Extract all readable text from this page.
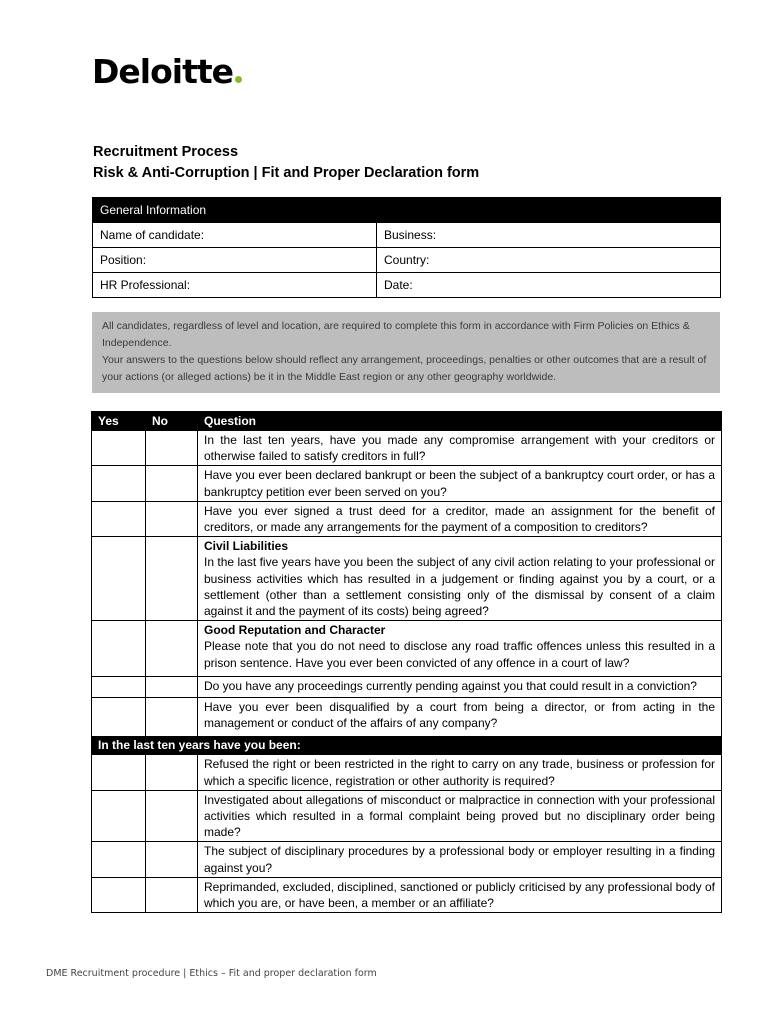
Deloitte
Recruitment Process
Risk & Anti-Corruption | Fit and Proper Declaration form
General Information	
Name of candidate:	Business:
Position:	Country:
HR Professional:	Date:

All candidates, regardless of level and location, are required to complete this form in accordance with Firm Policies on Ethics & Independence.

Your answers to the questions below should reflect any arrangement, proceedings, penalties or other outcomes that are a result of your actions (or alleged actions) be it in the Middle East region or any other geography worldwide.

Yes	No	Question
		In the last ten years, have you made any compromise arrangement with your creditors or otherwise failed to satisfy creditors in full?
		Have you ever been declared bankrupt or been the subject of a bankruptcy court order, or has a bankruptcy petition ever been served on you?
		Have you ever signed a trust deed for a creditor, made an assignment for the benefit of creditors, or made any arrangements for the payment of a composition to creditors?

		Civil Liabilities
In the last five years have you been the subject of any civil action relating to your professional or business activities which has resulted in a judgement or finding against you by a court, or a settlement (other than a settlement consisting only of the dismissal by consent of a claim against it and the payment of its costs) being agreed?

		Good Reputation and Character
Please note that you do not need to disclose any road traffic offences unless this resulted in a prison sentence. Have you ever been convicted of any offence in a court of law?
		Do you have any proceedings currently pending against you that could result in a conviction?
		Have you ever been disqualified by a court from being a director, or from acting in the management or conduct of the affairs of any company?
In the last ten years have you been:		
		Refused the right or been restricted in the right to carry on any trade, business or profession for which a specific licence, registration or other authority is required?
		Investigated about allegations of misconduct or malpractice in connection with your professional activities which resulted in a formal complaint being proved but no disciplinary order being made?
		The subject of disciplinary procedures by a professional body or employer resulting in a finding against you?
		Reprimanded, excluded, disciplined, sanctioned or publicly criticised by any professional body of which you are, or have been, a member or an affiliate?
DME Recruitment procedure | Ethics – Fit and proper declaration form
